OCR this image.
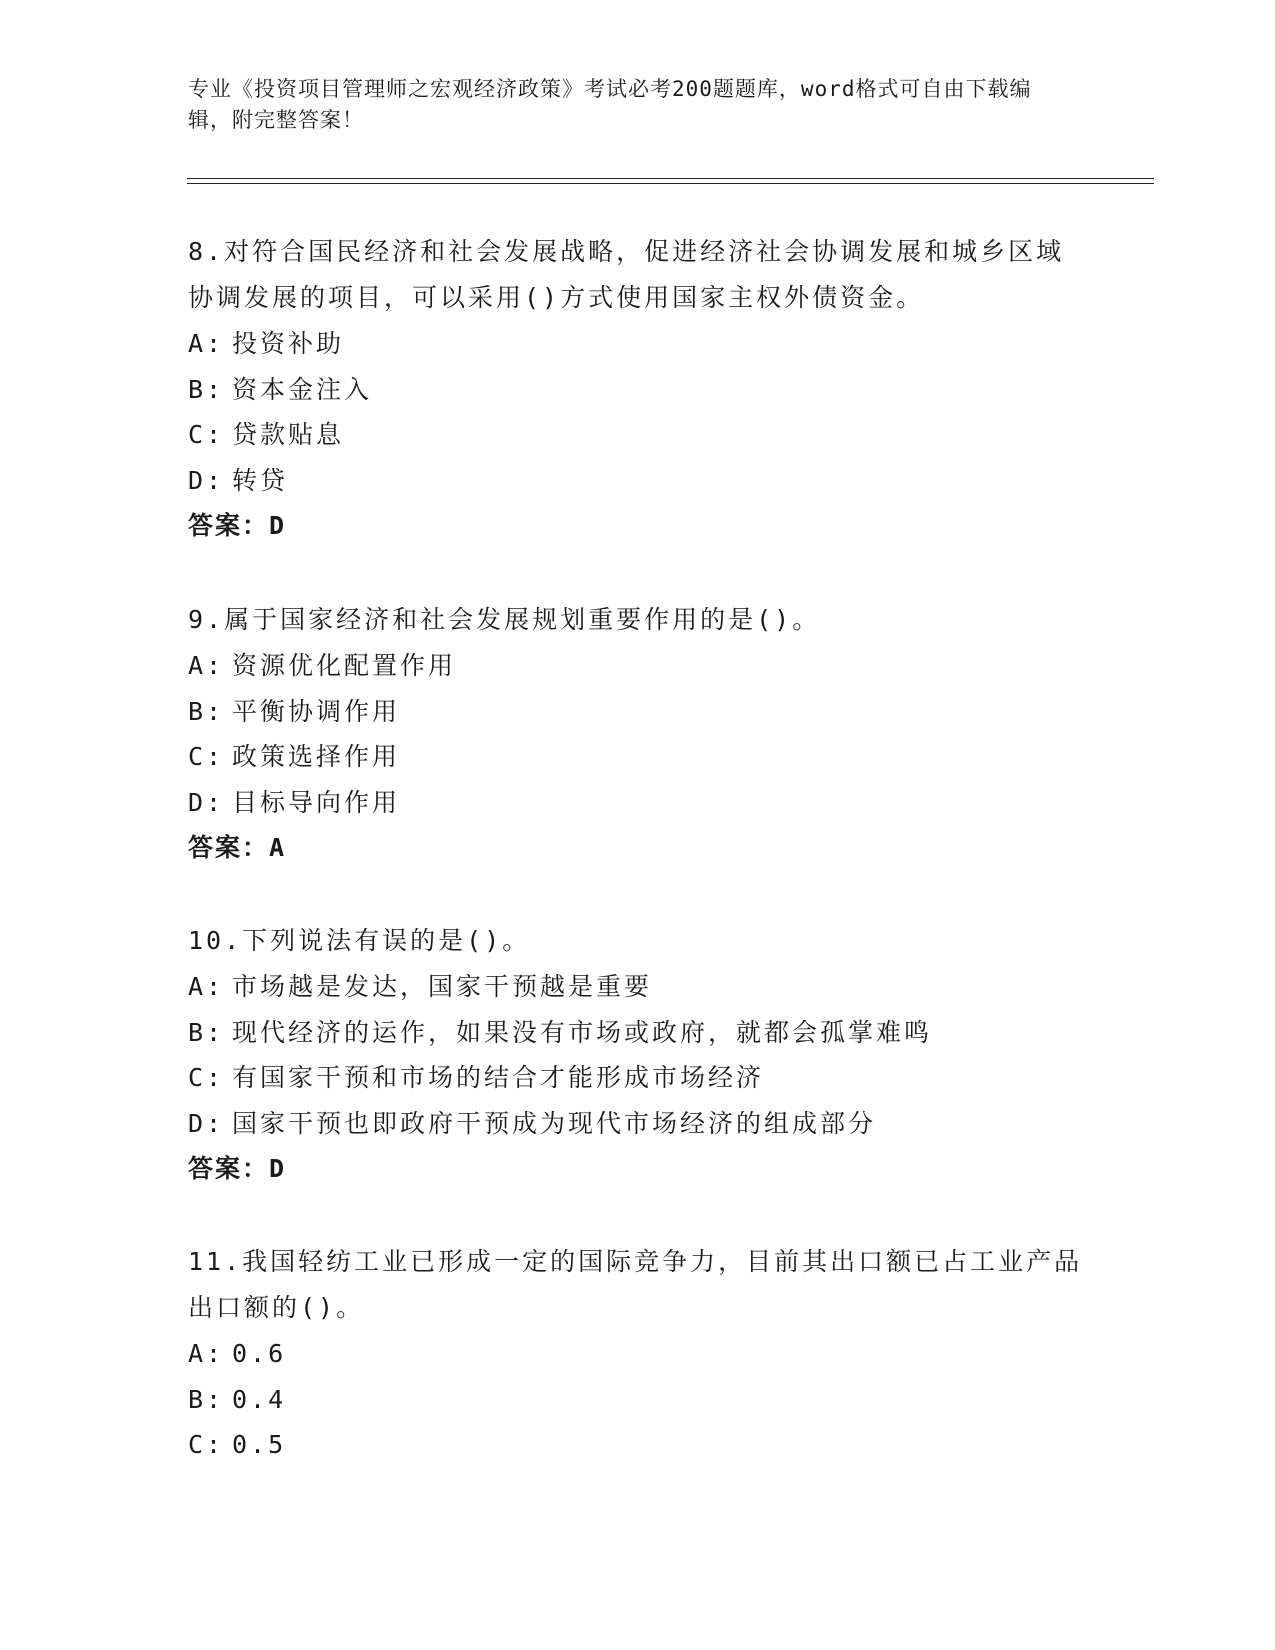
专业《投资项目管理师之宏观经济政策》考试必考200题题库，word格式可自由下载编辑，附完整答案！
8.对符合国民经济和社会发展战略，促进经济社会协调发展和城乡区域协调发展的项目，可以采用()方式使用国家主权外债资金。
A: 投资补助
B: 资本金注入
C: 贷款贴息
D: 转贷
答案：D
9.属于国家经济和社会发展规划重要作用的是()。
A: 资源优化配置作用
B: 平衡协调作用
C: 政策选择作用
D: 目标导向作用
答案：A
10.下列说法有误的是()。
A: 市场越是发达，国家干预越是重要
B: 现代经济的运作，如果没有市场或政府，就都会孤掌难鸣
C: 有国家干预和市场的结合才能形成市场经济
D: 国家干预也即政府干预成为现代市场经济的组成部分
答案：D
11.我国轻纺工业已形成一定的国际竞争力，目前其出口额已占工业产品出口额的()。
A: 0.6
B: 0.4
C: 0.5
